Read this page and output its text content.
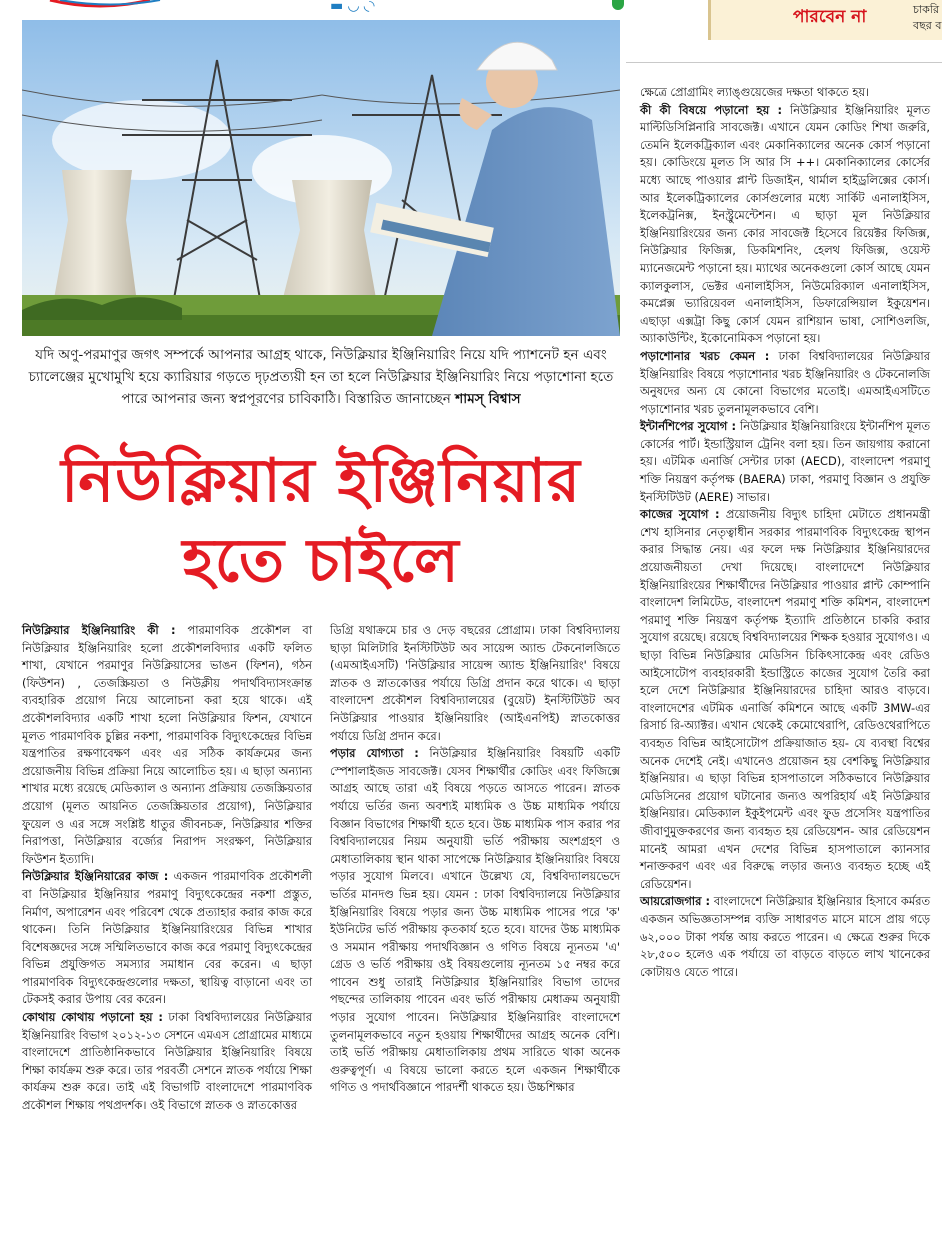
▬ ◡ ◟◝
পারবেন না	চাকরি
বছর ব
যদি অণু-পরমাণুর জগৎ সম্পর্কে আপনার আগ্রহ থাকে, নিউক্লিয়ার ইঞ্জিনিয়ারিং নিয়ে যদি প্যাশনেট হন এবং চ্যালেঞ্জের মুখোমুখি হয়ে ক্যারিয়ার গড়তে দৃঢ়প্রত্যয়ী হন তা হলে নিউক্লিয়ার ইঞ্জিনিয়ারিং নিয়ে পড়াশোনা হতে পারে আপনার জন্য স্বপ্নপূরণের চাবিকাঠি। বিস্তারিত জানাচ্ছেন শামস্ বিশ্বাস
নিউক্লিয়ার ইঞ্জিনিয়ার
হতে চাইলে

নিউক্লিয়ার ইঞ্জিনিয়ারিং কী : পারমাণবিক প্রকৌশল বা নিউক্লিয়ার ইঞ্জিনিয়ারিং হলো প্রকৌশলবিদ্যার একটি ফলিত শাখা, যেখানে পরমাণুর নিউক্লিয়াসের ভাঙন (ফিশন), গঠন (ফিউশন) , তেজস্ক্রিয়তা ও নিউক্লীয় পদার্থবিদ্যাসংক্রান্ত ব্যবহারিক প্রয়োগ নিয়ে আলোচনা করা হয়ে থাকে। এই প্রকৌশলবিদ্যার একটি শাখা হলো নিউক্লিয়ার ফিশন, যেখানে মূলত পারমাণবিক চুল্লির নকশা, পারমাণবিক বিদ্যুৎকেন্দ্রের বিভিন্ন যন্ত্রপাতির রক্ষণাবেক্ষণ এবং এর সঠিক কার্যক্রমের জন্য প্রয়োজনীয় বিভিন্ন প্রক্রিয়া নিয়ে আলোচিত হয়। এ ছাড়া অন্যান্য শাখার মধ্যে রয়েছে মেডিক্যাল ও অন্যান্য প্রক্রিয়ায় তেজস্ক্রিয়তার প্রয়োগ (মূলত আয়নিত তেজস্ক্রিয়তার প্রয়োগ), নিউক্লিয়ার ফুয়েল ও এর সঙ্গে সংশ্লিষ্ট ধাতুর জীবনচক্র, নিউক্লিয়ার শক্তির নিরাপত্তা, নিউক্লিয়ার বর্জ্যের নিরাপদ সংরক্ষণ, নিউক্লিয়ার ফিউশন ইত্যাদি।

নিউক্লিয়ার ইঞ্জিনিয়ারের কাজ : একজন পারমাণবিক প্রকৌশলী বা নিউক্লিয়ার ইঞ্জিনিয়ার পরমাণু বিদ্যুৎকেন্দ্রের নকশা প্রস্তুত, নির্মাণ, অপারেশন এবং পরিবেশ থেকে প্রত্যাহার করার কাজ করে থাকেন। তিনি নিউক্লিয়ার ইঞ্জিনিয়ারিংয়ের বিভিন্ন শাখার বিশেষজ্ঞদের সঙ্গে সম্মিলিতভাবে কাজ করে পরমাণু বিদ্যুৎকেন্দ্রের বিভিন্ন প্রযুক্তিগত সমস্যার সমাধান বের করেন। এ ছাড়া পারমাণবিক বিদ্যুৎকেন্দ্রগুলোর দক্ষতা, স্থায়িত্ব বাড়ানো এবং তা টেকসই করার উপায় বের করেন।

কোথায় কোথায় পড়ানো হয় : ঢাকা বিশ্ববিদ্যালয়ের নিউক্লিয়ার ইঞ্জিনিয়ারিং বিভাগ ২০১২-১৩ সেশনে এমএস প্রোগ্রামের মাধ্যমে বাংলাদেশে প্রাতিষ্ঠানিকভাবে নিউক্লিয়ার ইঞ্জিনিয়ারিং বিষয়ে শিক্ষা কার্যক্রম শুরু করে। তার পরবর্তী সেশনে স্নাতক পর্যায়ে শিক্ষা কার্যক্রম শুরু করে। তাই এই বিভাগটি বাংলাদেশে পারমাণবিক প্রকৌশল শিক্ষায় পথপ্রদর্শক। ওই বিভাগে স্নাতক ও স্নাতকোত্তর

ডিগ্রি যথাক্রমে চার ও দেড় বছরের প্রোগ্রাম। ঢাকা বিশ্ববিদ্যালয় ছাড়া মিলিটারি ইনস্টিটিউট অব সায়েন্স অ্যান্ড টেকনোলজিতে (এমআইএসটি) 'নিউক্লিয়ার সায়েন্স অ্যান্ড ইঞ্জিনিয়ারিং' বিষয়ে স্নাতক ও স্নাতকোত্তর পর্যায়ে ডিগ্রি প্রদান করে থাকে। এ ছাড়া বাংলাদেশ প্রকৌশল বিশ্ববিদ্যালয়ের (বুয়েট) ইনস্টিটিউট অব নিউক্লিয়ার পাওয়ার ইঞ্জিনিয়ারিং (আইএনপিই) স্নাতকোত্তর পর্যায়ে ডিগ্রি প্রদান করে।

পড়ার যোগ্যতা : নিউক্লিয়ার ইঞ্জিনিয়ারিং বিষয়টি একটি স্পেশালাইজড সাবজেক্ট। যেসব শিক্ষার্থীর কোডিং এবং ফিজিক্সে আগ্রহ আছে তারা এই বিষয়ে পড়তে আসতে পারেন। স্নাতক পর্যায়ে ভর্তির জন্য অবশ্যই মাধ্যমিক ও উচ্চ মাধ্যমিক পর্যায়ে বিজ্ঞান বিভাগের শিক্ষার্থী হতে হবে। উচ্চ মাধ্যমিক পাস করার পর বিশ্ববিদ্যালয়ের নিয়ম অনুযায়ী ভর্তি পরীক্ষায় অংশগ্রহণ ও মেধাতালিকায় স্থান থাকা সাপেক্ষে নিউক্লিয়ার ইঞ্জিনিয়ারিং বিষয়ে পড়ার সুযোগ মিলবে। এখানে উল্লেখ্য যে, বিশ্ববিদ্যালয়ভেদে ভর্তির মানদণ্ড ভিন্ন হয়। যেমন : ঢাকা বিশ্ববিদ্যালয়ে নিউক্লিয়ার ইঞ্জিনিয়ারিং বিষয়ে পড়ার জন্য উচ্চ মাধ্যমিক পাসের পরে 'ক' ইউনিটের ভর্তি পরীক্ষায় কৃতকার্য হতে হবে। যাদের উচ্চ মাধ্যমিক ও সমমান পরীক্ষায় পদার্থবিজ্ঞান ও গণিত বিষয়ে ন্যূনতম 'এ' গ্রেড ও ভর্তি পরীক্ষায় ওই বিষয়গুলোয় ন্যূনতম ১৫ নম্বর করে পাবেন শুধু তারাই নিউক্লিয়ার ইঞ্জিনিয়ারিং বিভাগ তাদের পছন্দের তালিকায় পাবেন এবং ভর্তি পরীক্ষায় মেধাক্রম অনুযায়ী পড়ার সুযোগ পাবেন। নিউক্লিয়ার ইঞ্জিনিয়ারিং বাংলাদেশে তুলনামূলকভাবে নতুন হওয়ায় শিক্ষার্থীদের আগ্রহ অনেক বেশি। তাই ভর্তি পরীক্ষায় মেধাতালিকায় প্রথম সারিতে থাকা অনেক গুরুত্বপূর্ণ। এ বিষয়ে ভালো করতে হলে একজন শিক্ষার্থীকে গণিত ও পদার্থবিজ্ঞানে পারদর্শী থাকতে হয়। উচ্চশিক্ষার

ক্ষেত্রে প্রোগ্রামিং ল্যাঙ্গুয়েজের দক্ষতা থাকতে হয়।

কী কী বিষয়ে পড়ানো হয় : নিউক্লিয়ার ইঞ্জিনিয়ারিং মূলত মাল্টিডিসিপ্লিনারি সাবজেক্ট। এখানে যেমন কোডিং শিখা জরুরি, তেমনি ইলেকট্রিক্যাল এবং মেকানিক্যালের অনেক কোর্স পড়ানো হয়। কোডিংয়ে মূলত সি আর সি ++। মেকানিক্যালের কোর্সের মধ্যে আছে পাওয়ার প্লান্ট ডিজাইন, থার্মাল হাইড্রলিক্সের কোর্স। আর ইলেকট্রিক্যালের কোর্সগুলোর মধ্যে সার্কিট এনালাইসিস, ইলেকট্রনিক্স, ইনস্ট্রুমেন্টেশন। এ ছাড়া মূল নিউক্লিয়ার ইঞ্জিনিয়ারিংয়ের জন্য কোর সাবজেক্ট হিসেবে রিয়েক্টর ফিজিক্স, নিউক্লিয়ার ফিজিক্স, ডিকমিশনিং, হেলথ ফিজিক্স, ওয়েস্ট ম্যানেজমেন্ট পড়ানো হয়। ম্যাথের অনেকগুলো কোর্স আছে যেমন ক্যালকুলাস, ভেক্টর এনালাইসিস, নিউমেরিক্যাল এনালাইসিস, কমপ্লেক্স ভ্যারিয়েবল এনালাইসিস, ডিফারেন্সিয়াল ইকুয়েশন। এছাড়া এক্সট্রা কিছু কোর্স যেমন রাশিয়ান ভাষা, সোশিওলজি, অ্যাকাউন্টিং, ইকোনোমিকস পড়ানো হয়।

পড়াশোনার খরচ কেমন : ঢাকা বিশ্ববিদ্যালয়ের নিউক্লিয়ার ইঞ্জিনিয়ারিং বিষয়ে পড়াশোনার খরচ ইঞ্জিনিয়ারিং ও টেকনোলজি অনুষদের অন্য যে কোনো বিভাগের মতোই। এমআইএসটিতে পড়াশোনার খরচ তুলনামূলকভাবে বেশি।

ইন্টার্নশিপের সুযোগ : নিউক্লিয়ার ইঞ্জিনিয়ারিংয়ে ইন্টার্নশিপ মূলত কোর্সের পার্ট। ইন্ডাস্ট্রিয়াল ট্রেনিং বলা হয়। তিন জায়গায় করানো হয়। এটমিক এনার্জি সেন্টার ঢাকা (AECD), বাংলাদেশ পরমাণু শক্তি নিয়ন্ত্রণ কর্তৃপক্ষ (BAERA) ঢাকা, পরমাণু বিজ্ঞান ও প্রযুক্তি ইনস্টিটিউট (AERE) সাভার।

কাজের সুযোগ : প্রয়োজনীয় বিদ্যুৎ চাহিদা মেটাতে প্রধানমন্ত্রী শেখ হাসিনার নেতৃত্বাধীন সরকার পারমাণবিক বিদ্যুৎকেন্দ্র স্থাপন করার সিদ্ধান্ত নেয়। এর ফলে দক্ষ নিউক্লিয়ার ইঞ্জিনিয়ারদের প্রয়োজনীয়তা দেখা দিয়েছে। বাংলাদেশে নিউক্লিয়ার ইঞ্জিনিয়ারিংয়ের শিক্ষার্থীদের নিউক্লিয়ার পাওয়ার প্লান্ট কোম্পানি বাংলাদেশ লিমিটেড, বাংলাদেশ পরমাণু শক্তি কমিশন, বাংলাদেশ পরমাণু শক্তি নিয়ন্ত্রণ কর্তৃপক্ষ ইত্যাদি প্রতিষ্ঠানে চাকরি করার সুযোগ রয়েছে। রয়েছে বিশ্ববিদ্যালয়ের শিক্ষক হওয়ার সুযোগও। এ ছাড়া বিভিন্ন নিউক্লিয়ার মেডিসিন চিকিৎসাকেন্দ্র এবং রেডিও আইসোটোপ ব্যবহারকারী ইন্ডাস্ট্রিতে কাজের সুযোগ তৈরি করা হলে দেশে নিউক্লিয়ার ইঞ্জিনিয়ারদের চাহিদা আরও বাড়বে। বাংলাদেশের এটমিক এনার্জি কমিশনে আছে একটি 3MW-এর রিসার্চ রি-অ্যাক্টর। এখান থেকেই কেমোথেরাপি, রেডিওথেরাপিতে ব্যবহৃত বিভিন্ন আইসোটোপ প্রক্রিয়াজাত হয়- যে ব্যবস্থা বিশ্বের অনেক দেশেই নেই। এখানেও প্রয়োজন হয় বেশকিছু নিউক্লিয়ার ইঞ্জিনিয়ার। এ ছাড়া বিভিন্ন হাসপাতালে সঠিকভাবে নিউক্লিয়ার মেডিসিনের প্রয়োগ ঘটানোর জন্যও অপরিহার্য এই নিউক্লিয়ার ইঞ্জিনিয়ার। মেডিক্যাল ইকুইপমেন্ট এবং ফুড প্রসেসিং যন্ত্রপাতির জীবাণুমুক্তকরণের জন্য ব্যবহৃত হয় রেডিয়েশন- আর রেডিয়েশন মানেই আমরা এখন দেশের বিভিন্ন হাসপাতালে ক্যানসার শনাক্তকরণ এবং এর বিরুদ্ধে লড়ার জন্যও ব্যবহৃত হচ্ছে এই রেডিয়েশন।

আয়রোজগার : বাংলাদেশে নিউক্লিয়ার ইঞ্জিনিয়ার হিসাবে কর্মরত একজন অভিজ্ঞতাসম্পন্ন ব্যক্তি সাধারণত মাসে মাসে প্রায় গড়ে ৬২,০০০ টাকা পর্যন্ত আয় করতে পারেন। এ ক্ষেত্রে শুরুর দিকে ২৮,৫০০ হলেও এক পর্যায়ে তা বাড়তে বাড়তে লাখ খানেকের কোটায়ও যেতে পারে।
